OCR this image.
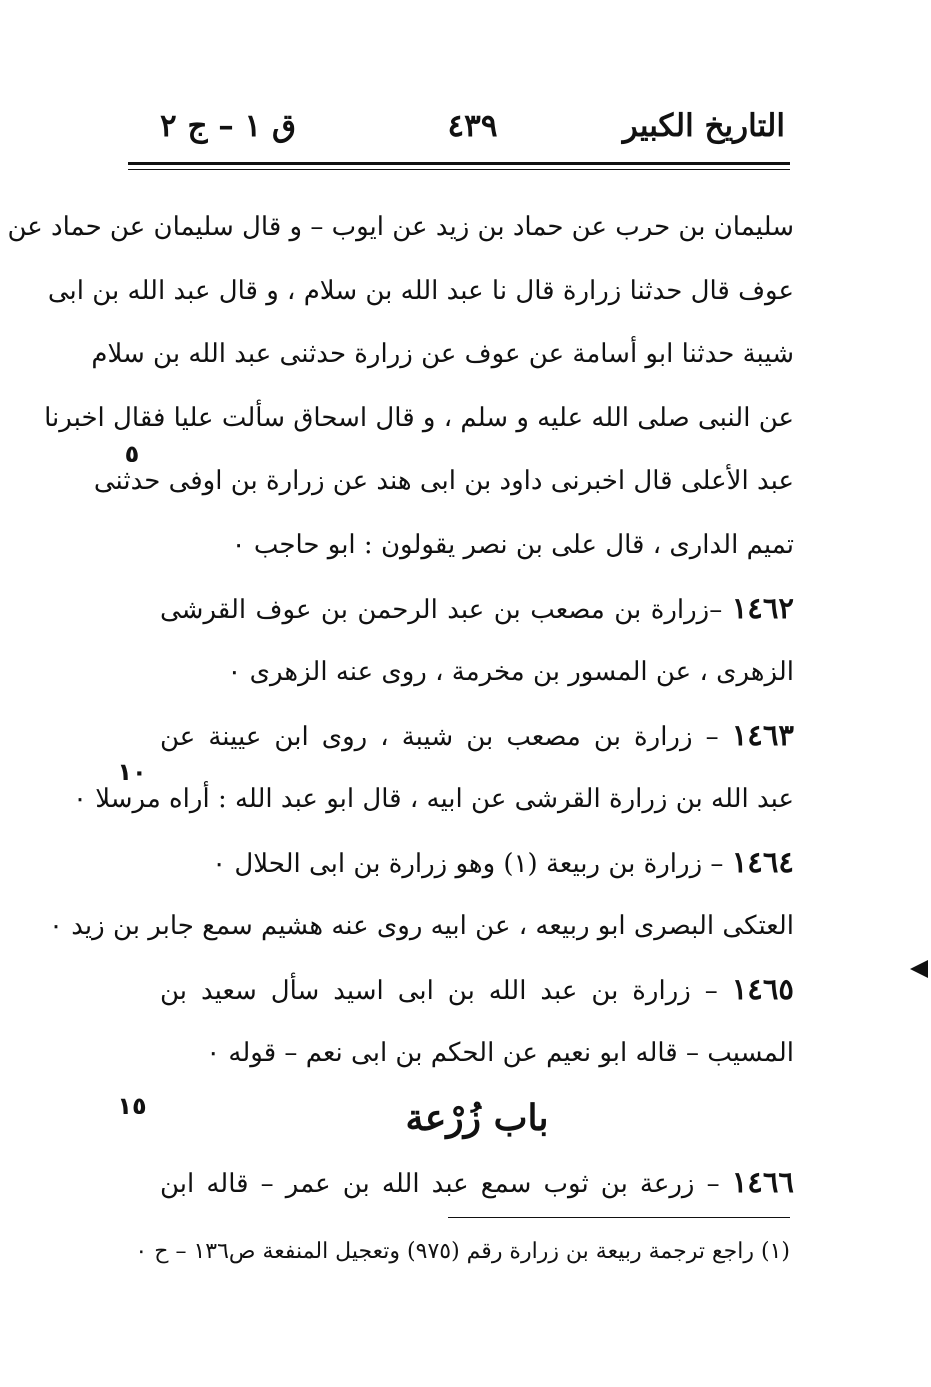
التاريخ الكبير
٤٣٩
ق ١ – ج ٢
سليمان بن حرب عن حماد بن زيد عن ايوب – و قال سليمان عن حماد عن
عوف قال حدثنا زرارة قال نا عبد الله بن سلام ، و قال عبد الله بن ابى
شيبة حدثنا ابو أسامة عن عوف عن زرارة حدثنى عبد الله بن سلام
عن النبى صلى الله عليه و سلم ، و قال اسحاق سألت عليا فقال اخبرنا
عبد الأعلى قال اخبرنى داود بن ابى هند عن زرارة بن اوفى حدثنى
تميم الدارى ، قال على بن نصر يقولون : ابو حاجب ٠
١٤٦٢ –زرارة بن مصعب بن عبد الرحمن بن عوف القرشى
الزهرى ، عن المسور بن مخرمة ، روى عنه الزهرى ٠
١٤٦٣ – زرارة بن مصعب بن شيبة ، روى ابن عيينة عن
عبد الله بن زرارة القرشى عن ابيه ، قال ابو عبد الله : أراه مرسلا ٠
١٤٦٤ – زرارة بن ربيعة (١) وهو زرارة بن ابى الحلال ٠
العتكى البصرى ابو ربيعه ، عن ابيه روى عنه هشيم سمع جابر بن زيد ٠
١٤٦٥ – زرارة بن عبد الله بن ابى اسيد سأل سعيد بن
المسيب – قاله ابو نعيم عن الحكم بن ابى نعم – قوله ٠
باب زُرْعة
١٤٦٦ – زرعة بن ثوب سمع عبد الله بن عمر – قاله ابن
٥
١٠
١٥
(١) راجع ترجمة ربيعة بن زرارة رقم (٩٧٥) وتعجيل المنفعة ص١٣٦ – ح ٠
